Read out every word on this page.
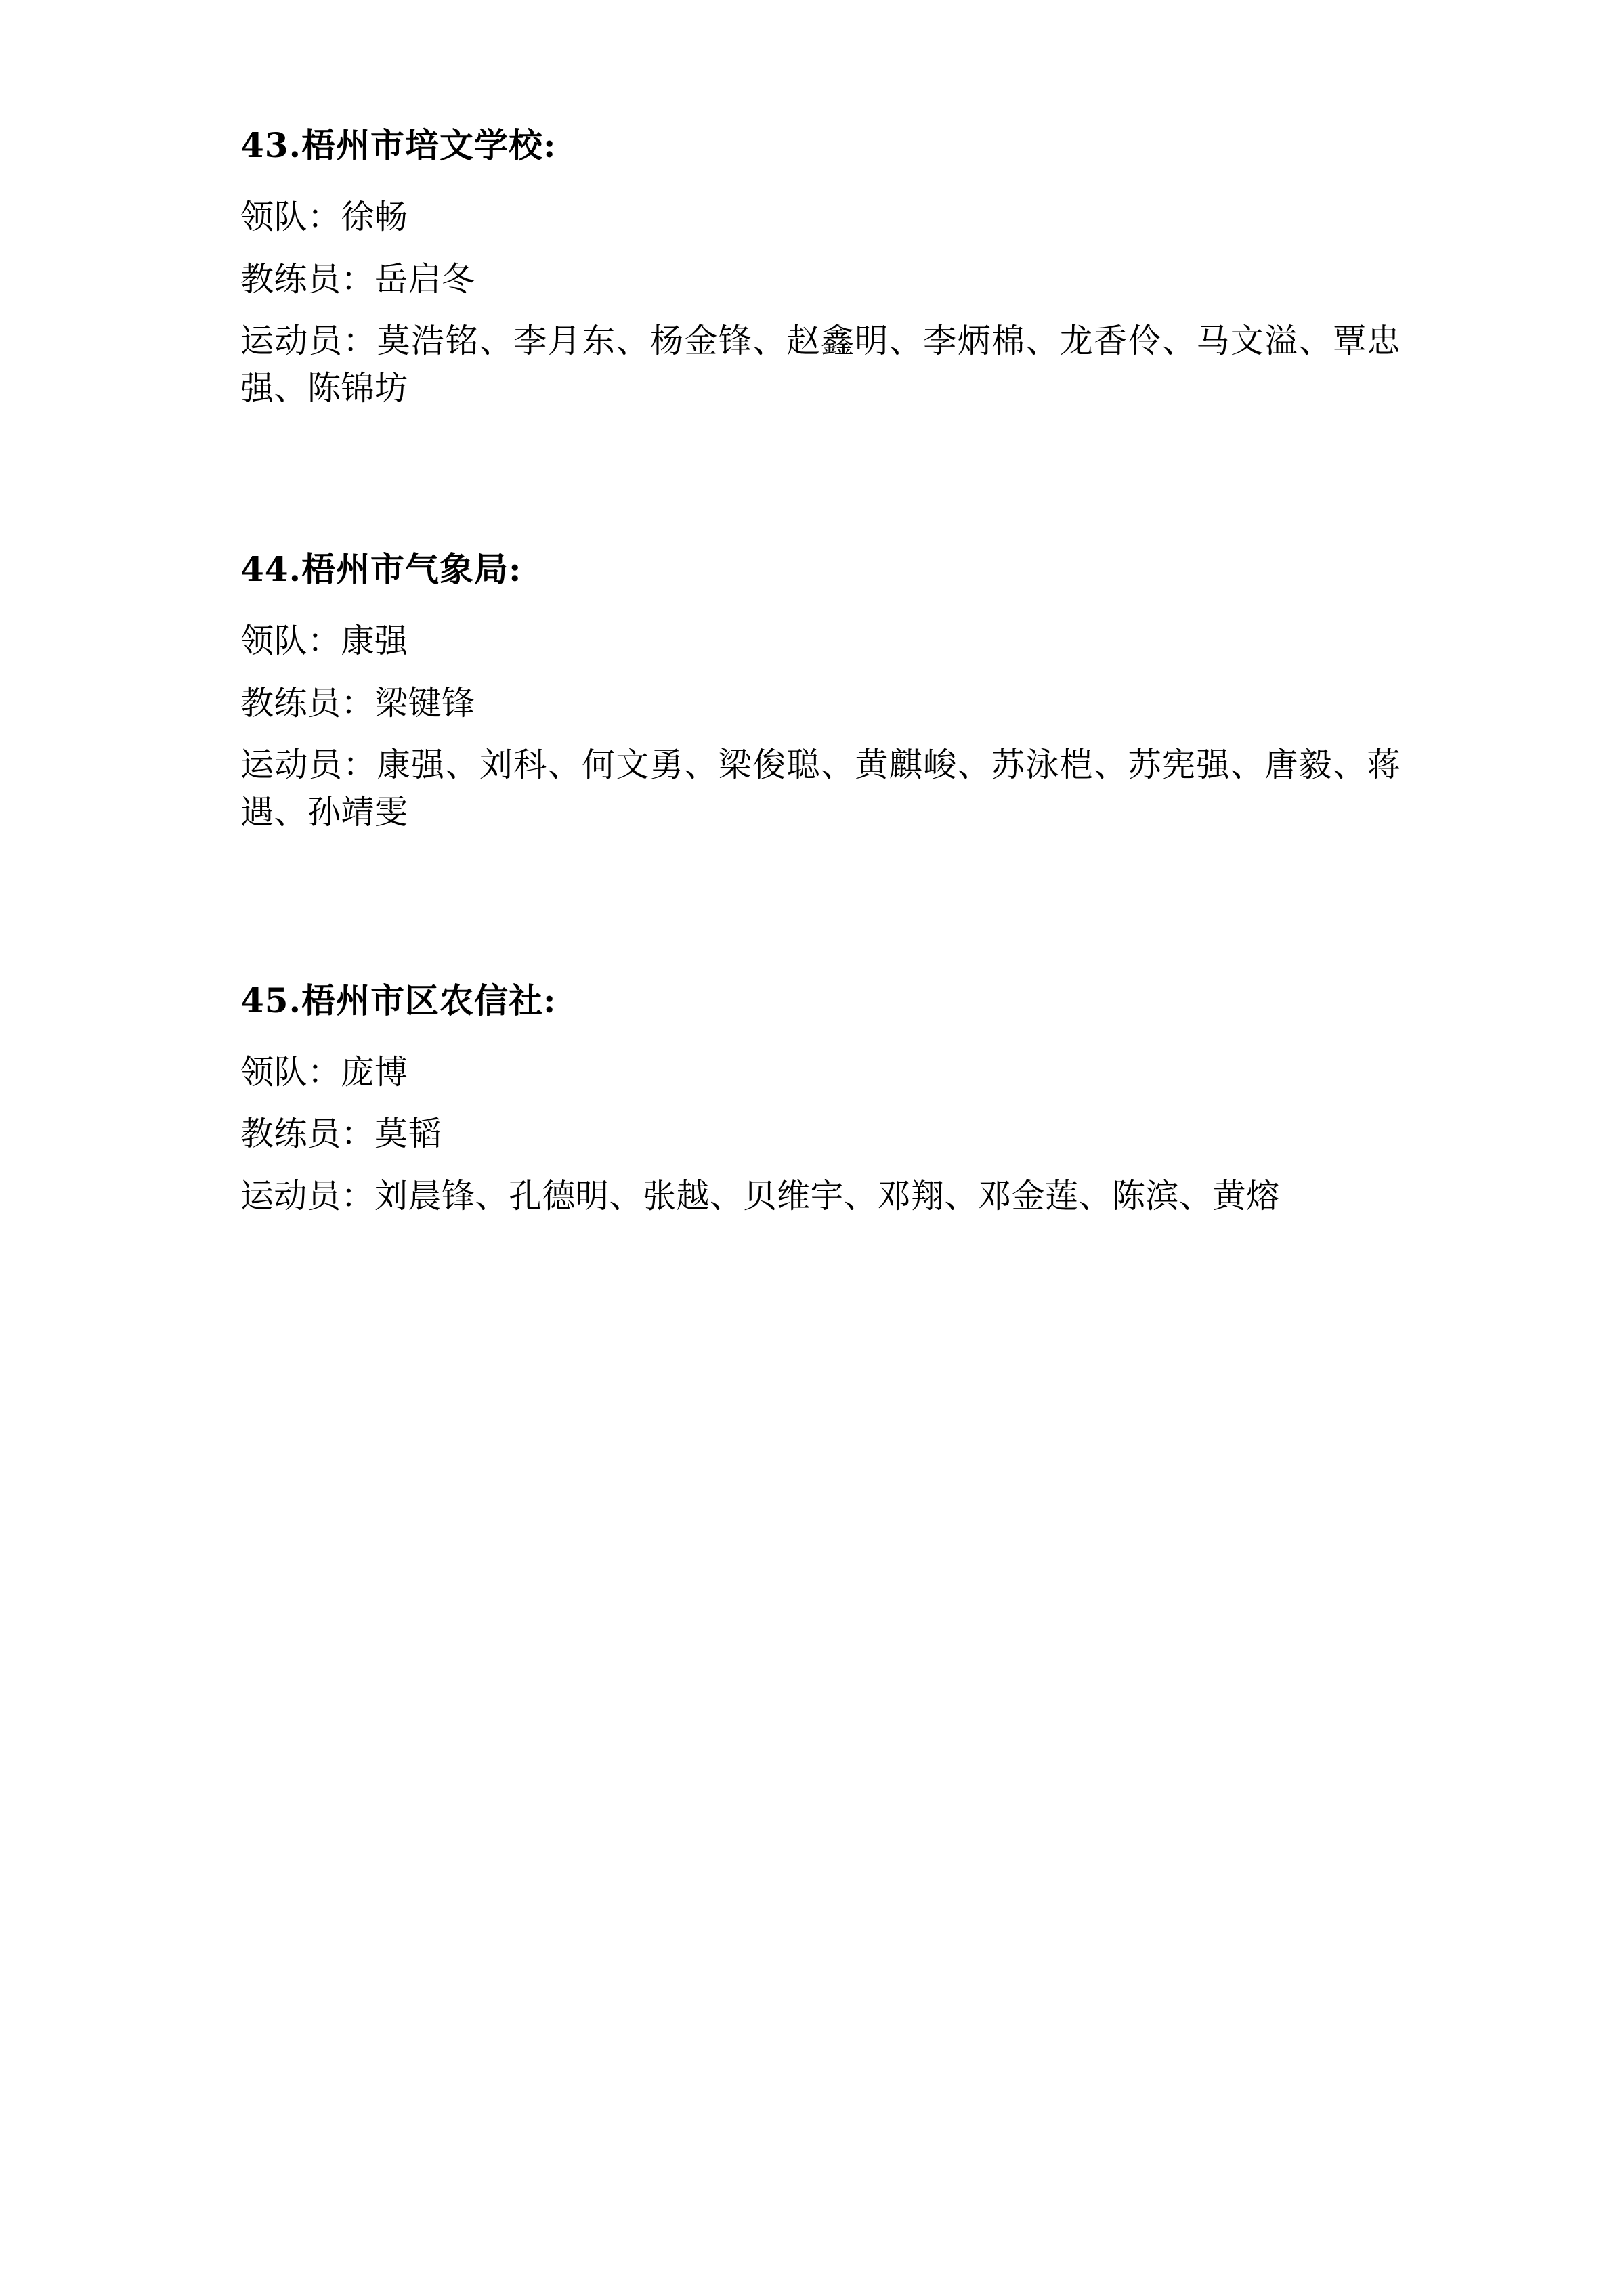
43.梧州市培文学校:
领队：徐畅
教练员：岳启冬
运动员：莫浩铭、李月东、杨金锋、赵鑫明、李炳棉、龙香伶、马文溢、覃忠强、陈锦坊
44.梧州市气象局:
领队：康强
教练员：梁键锋
运动员：康强、刘科、何文勇、梁俊聪、黄麒峻、苏泳桤、苏宪强、唐毅、蒋遇、孙靖雯
45.梧州市区农信社:
领队：庞博
教练员：莫韬
运动员：刘晨锋、孔德明、张越、贝维宇、邓翔、邓金莲、陈滨、黄熔
